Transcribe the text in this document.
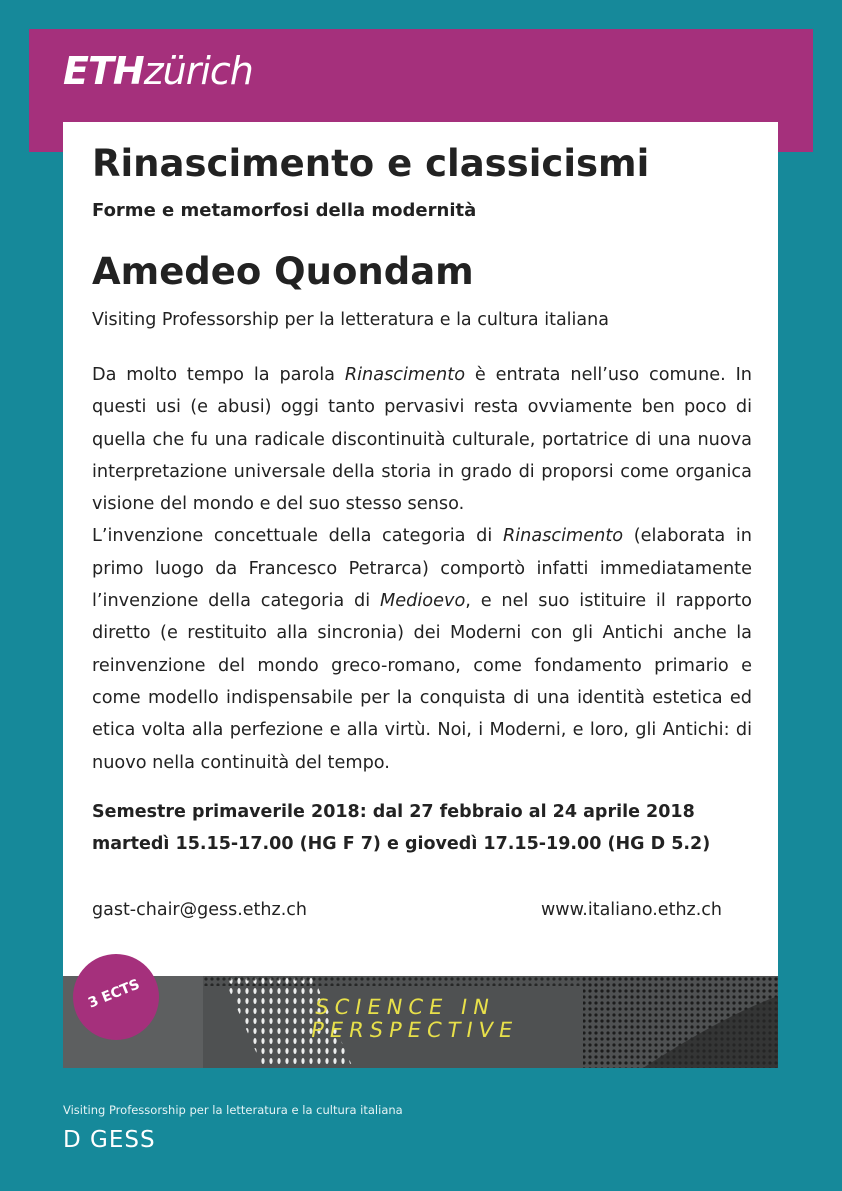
ETHzürich
Rinascimento e classicismi
Forme e metamorfosi della modernità
Amedeo Quondam
Visiting Professorship per la letteratura e la cultura italiana

Da molto tempo la parola Rinascimento è entrata nell’uso comune. In questi usi (e abusi) oggi tanto pervasivi resta ovviamente ben poco di quella che fu una radicale discontinuità culturale, portatrice di una nuova interpretazione universale della storia in grado di proporsi come organica visione del mondo e del suo stesso senso.

L’invenzione concettuale della categoria di Rinascimento (elaborata in primo luogo da Francesco Petrarca) comportò infatti immediatamente l’invenzione della categoria di Medioevo, e nel suo istituire il rapporto diretto (e restituito alla sincronia) dei Moderni con gli Antichi anche la reinvenzione del mondo greco-romano, come fondamento primario e come modello indispensabile per la conquista di una identità estetica ed etica volta alla perfezione e alla virtù. Noi, i Moderni, e loro, gli Antichi: di nuovo nella continuità del tempo.

Semestre primaverile 2018: dal 27 febbraio al 24 aprile 2018
martedì 15.15-17.00 (HG F 7) e giovedì 17.15-19.00 (HG D 5.2)
gast-chair@gess.ethz.ch	www.italiano.ethz.ch
SCIENCE IN
PERSPECTIVE
3 ECTS
Visiting Professorship per la letteratura e la cultura italiana
D GESS
